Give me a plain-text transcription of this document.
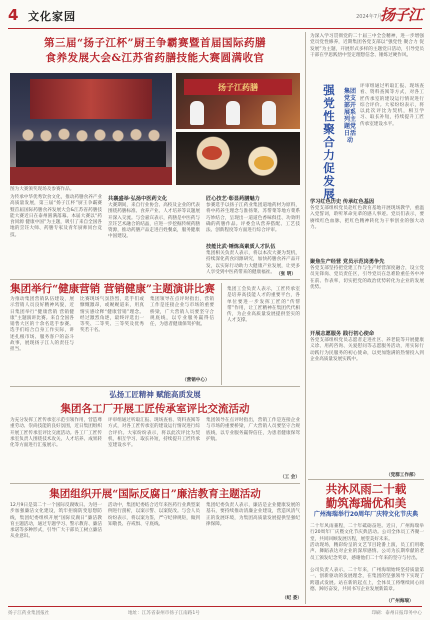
4 文化家园	2024年7月
扬子江
第三届“扬子江杯”厨王争霸赛暨首届国际药膳
食养发展大会&江苏省药膳技能大赛圆满收官
扬子江药膳
图为大赛颁奖现场及参赛作品。
为传承中华优秀饮食文化，推动药膳食养产业高质量发展，第三届“扬子江杯”厨王争霸赛暨首届国际药膳食养发展大会&江苏省药膳技能大赛近日在泰州圆满落幕。本届大赛以“药食同源 健康中国”为主题，吸引了来自全国各地的烹饪大师、药膳专家及青年厨师同台竞技。
共襄盛举·弘扬中医药文化
大赛期间，来自行业协会、高校及企业的代表围绕药膳标准、食养产业、人才培养等议题展开深入交流。与会嘉宾表示，药膳是中医药与烹饪艺术融合的结晶，应进一步挖掘传统药膳资源，推动药膳产品走进百姓餐桌，服务健康中国建设。
匠心技艺·彰显药膳魅力
参赛选手以扬子江药业集团道地药材为原料，将中药养生理念与淮扬菜、苏帮菜等地方菜系巧妙结合，呈现出一道道色香味俱佳、功效明确的药膳作品。评委会从营养搭配、工艺技法、创新程度等方面进行综合评审。
技能比武·锤炼高素质人才队伍
集团相关负责人表示，将以本次大赛为契机，持续深化药食同源研究，加快药膳食养产品开发，以实际行动助力大健康产业发展，让更多人享受到中医药带来的健康福祉。 （张 明）
集团举行“健康营销 营销健康”主题演讲比赛
为推动集团营销队伍建设，展示营销人员良好精神风貌，近日集团举行“健康营销 营销健康”主题演讲比赛。来自全国各销售大区的十余名选手参赛。选手们结合自身工作实际，讲述扎根市场、服务客户的奋斗故事，展现扬子江人的责任与担当。
比赛现场气氛热烈，选手们或慷慨激昂，或娓娓道来，用真情实感诠释“健康营销”理念。经过激烈角逐，最终评选出一等奖、二等奖、三等奖及优秀奖若干名。
集团领导在点评时指出，营销工作是连接企业与市场的重要桥梁，广大营销人员要坚守合规底线，以专业服务赢得信任，为患者健康保驾护航。
（营销中心）
集团工会负责人表示，工匠传承室是培养高技能人才的重要平台，各单位要进一步发挥工匠的“传帮带”作用，让工匠精神在集团代代相传，为企业高质量发展提供坚实的人才支撑。
弘扬工匠精神 赋能高质发展
集团各工厂开展工匠传承室评比交流活动
为充分发挥工匠传承室示范引领作用，营造尊重劳动、崇尚技能的良好氛围，近日集团组织开展工匠传承室评比交流活动。各工厂工匠传承室负责人围绕技术攻关、人才培养、成果转化等方面进行汇报展示。
评审组通过听取汇报、现场查看、资料查阅等方式，对各工匠传承室的建设运行情况进行综合评价。大家纷纷表示，将以此次评比为契机，相互学习、取长补短，持续提升工匠传承室建设水平。
集团领导在点评时指出，营销工作是连接企业与市场的重要桥梁，广大营销人员要坚守合规底线，以专业服务赢得信任，为患者健康保驾护航。
（工 会）
集团组织开展“国际反腐日”廉洁教育主题活动
12月9日是第二十一个国际反腐败日。为进一步加强廉洁文化建设，筑牢拒腐防变思想防线，集团纪委组织开展“国际反腐日”廉洁教育主题活动，通过专题学习、警示教育、廉洁承诺等多种形式，引导广大干部员工树立廉洁从业意识。
活动中，集团纪委结合近年来医药行业典型案例进行剖析，以案示警、以案促改。与会人员纷纷表示，将以案为鉴，严守纪律规矩，做到知敬畏、存戒惧、守底线。
集团纪委负责人表示，廉洁是企业健康发展的基石，要持续推动清廉企业建设，营造风清气正的发展环境，为集团高质量发展提供坚强纪律保障。
（纪 委）
为深入学习贯彻党的二十届三中全会精神，进一步增强党员党性修养，近期集团各党支部以“强党性 聚合力 促发展”为主题，开展形式多样的主题党日活动，引导党员干部在学思践悟中坚定理想信念、锤炼过硬作风。
强党性 聚合力 促发展
集团党支部开展系列主题党日活动
评审组通过听取汇报、现场查看、资料查阅等方式，对各工匠传承室的建设运行情况进行综合评价。大家纷纷表示，将以此次评比为契机，相互学习、取长补短，持续提升工匠传承室建设水平。
学习红色历史 传承红色基因
各党支部组织党员赴红色教育基地开展现场教学，重温入党誓词，聆听革命先辈的感人事迹。党员们表示，要赓续红色血脉，把红色精神转化为干事创业的强大动力。
聚焦生产经营 党员示范岗勇争先
各党支部坚持把党建工作与生产经营深度融合，设立党员先锋岗、党员责任区，引导党员在急难险重任务中冲在前、作表率，切实把党的政治优势转化为企业的发展优势。
开展志愿服务 践行初心使命
各党支部组织党员志愿者走进社区、养老院等开展健康义诊、用药咨询、关爱慰问等志愿服务活动，用实际行动践行为民服务的初心使命，以更加饱满的热情投入到企业高质量发展实践中。
（党群工作部）
共沐风雨二十载
勤筑海瑞优和美
广州海瑞举行20周年厂庆特文化节庆典
二十年风雨兼程，二十年砥砺奋进。近日，广州海瑞举行20周年厂庆暨文化节庆典活动。公司全体员工齐聚一堂，共同回顾发展历程，展望美好未来。
活动现场，精彩纷呈的文艺节目轮番上演，员工们用歌声、舞蹈表达对企业的深厚感情。公司为长期奉献的老员工颁发纪念奖章，感谢他们二十年来的坚守与付出。
公司负责人表示，二十年来，广州海瑞始终坚持质量第一、创新驱动的发展理念，在集团的坚强领导下实现了跨越式发展。站在新的起点上，全体员工将继续同心同德、踔厉奋发，共同书写企业发展新篇章。
（广州海瑞）
扬子江药业集团报社	地址：江苏省泰州市扬子江南路1号	印刷：泰州日报印务中心
